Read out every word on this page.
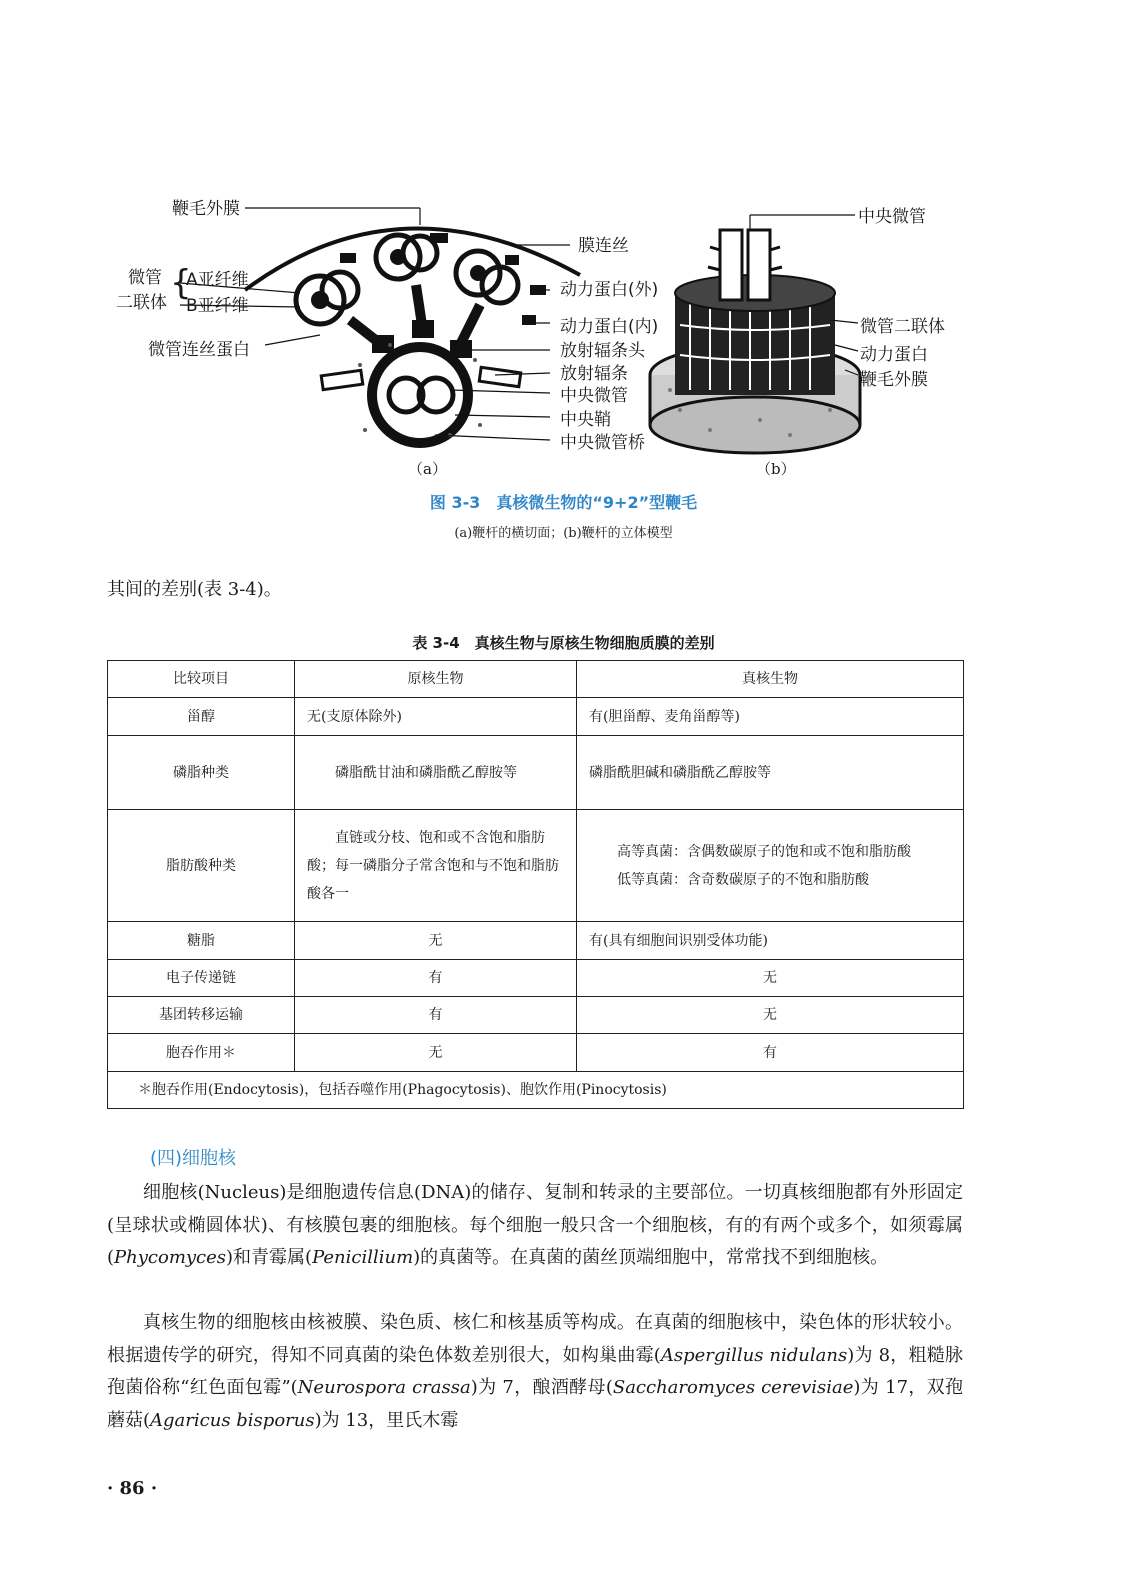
鞭毛外膜
微管
二联体 {
A亚纤维
B亚纤维
微管连丝蛋白
膜连丝
动力蛋白(外)
动力蛋白(内)
放射辐条头
放射辐条
中央微管
中央鞘
中央微管桥
中央微管
微管二联体
动力蛋白
鞭毛外膜
（a）	（b）
图 3-3　真核微生物的“9+2”型鞭毛
(a)鞭杆的横切面；(b)鞭杆的立体模型
其间的差别(表 3-4)。
表 3-4　真核生物与原核生物细胞质膜的差别
比较项目	原核生物	真核生物
甾醇	无(支原体除外)	有(胆甾醇、麦角甾醇等)
磷脂种类	磷脂酰甘油和磷脂酰乙醇胺等	磷脂酰胆碱和磷脂酰乙醇胺等
脂肪酸种类	直链或分枝、饱和或不含饱和脂肪酸；每一磷脂分子常含饱和与不饱和脂肪酸各一	高等真菌：含偶数碳原子的饱和或不饱和脂肪酸
低等真菌：含奇数碳原子的不饱和脂肪酸

糖脂	无	有(具有细胞间识别受体功能)
电子传递链	有	无
基团转移运输	有	无
胞吞作用＊	无	有
＊胞吞作用(Endocytosis)，包括吞噬作用(Phagocytosis)、胞饮作用(Pinocytosis)		
(四)细胞核
细胞核(Nucleus)是细胞遗传信息(DNA)的储存、复制和转录的主要部位。一切真核细胞都有外形固定(呈球状或椭圆体状)、有核膜包裹的细胞核。每个细胞一般只含一个细胞核，有的有两个或多个，如须霉属(Phycomyces)和青霉属(Penicillium)的真菌等。在真菌的菌丝顶端细胞中，常常找不到细胞核。
真核生物的细胞核由核被膜、染色质、核仁和核基质等构成。在真菌的细胞核中，染色体的形状较小。根据遗传学的研究，得知不同真菌的染色体数差别很大，如构巢曲霉(Aspergillus nidulans)为 8，粗糙脉孢菌俗称“红色面包霉”(Neurospora crassa)为 7，酿酒酵母(Saccharomyces cerevisiae)为 17，双孢蘑菇(Agaricus bisporus)为 13，里氏木霉
· 86 ·
